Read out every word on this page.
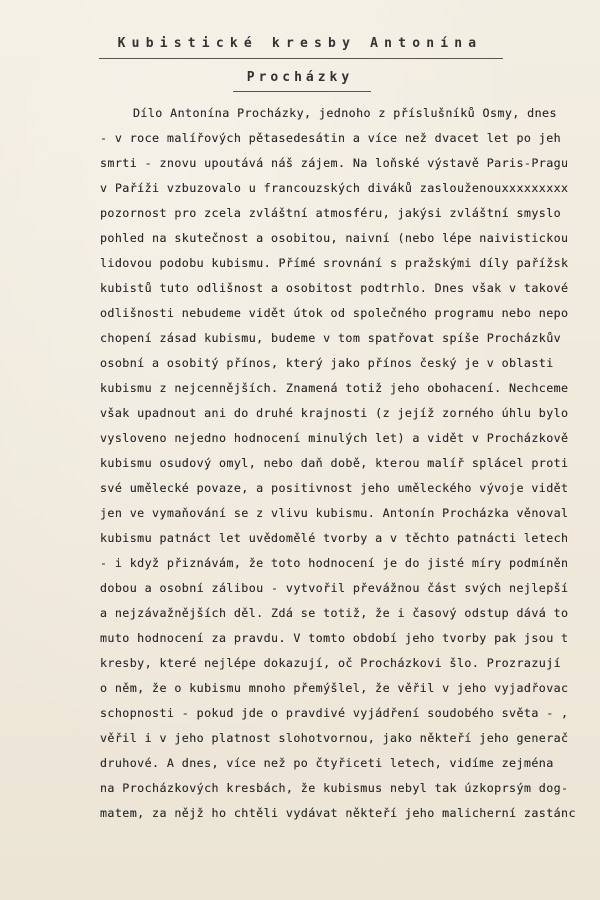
Kubistické kresby Antonína
Procházky
Dílo Antonína Procházky, jednoho z příslušníků Osmy, dnes
- v roce malířových pětasedesátin a více než dvacet let po jeh
smrti - znovu upoutává náš zájem. Na loňské výstavě Paris-Pragu
v Paříži vzbuzovalo u francouzských diváků zaslouženouxxxxxxxxx
pozornost pro zcela zvláštní atmosféru, jakýsi zvláštní smyslo
pohled na skutečnost a osobitou, naivní (nebo lépe naivistickou
lidovou podobu kubismu. Přímé srovnání s pražskými díly pařížsk
kubistů tuto odlišnost a osobitost podtrhlo. Dnes však v takové
odlišnosti nebudeme vidět útok od společného programu nebo nepo
chopení zásad kubismu, budeme v tom spatřovat spíše Procházkův
osobní a osobitý přínos, který jako přínos český je v oblasti
kubismu z nejcennějších. Znamená totiž jeho obohacení. Nechceme
však upadnout ani do druhé krajnosti (z jejíž zorného úhlu bylo
vysloveno nejedno hodnocení minulých let) a vidět v Procházkově
kubismu osudový omyl, nebo daň době, kterou malíř splácel proti
své umělecké povaze, a positivnost jeho uměleckého vývoje vidět
jen ve vymaňování se z vlivu kubismu. Antonín Procházka věnoval
kubismu patnáct let uvědomělé tvorby a v těchto patnácti letech
- i když přiznávám, že toto hodnocení je do jisté míry podmíněn
dobou a osobní zálibou - vytvořil převážnou část svých nejlepší
a nejzávažnějších děl. Zdá se totiž, že i časový odstup dává to
muto hodnocení za pravdu. V tomto období jeho tvorby pak jsou t
kresby, které nejlépe dokazují, oč Procházkovi šlo. Prozrazují
o něm, že o kubismu mnoho přemýšlel, že věřil v jeho vyjadřovac
schopnosti - pokud jde o pravdivé vyjádření soudobého světa - ,
věřil i v jeho platnost slohotvornou, jako někteří jeho generač
druhové. A dnes, více než po čtyřiceti letech, vidíme zejména
na Procházkových kresbách, že kubismus nebyl tak úzkoprsým dog-
matem, za nějž ho chtěli vydávat někteří jeho malicherní zastánc
